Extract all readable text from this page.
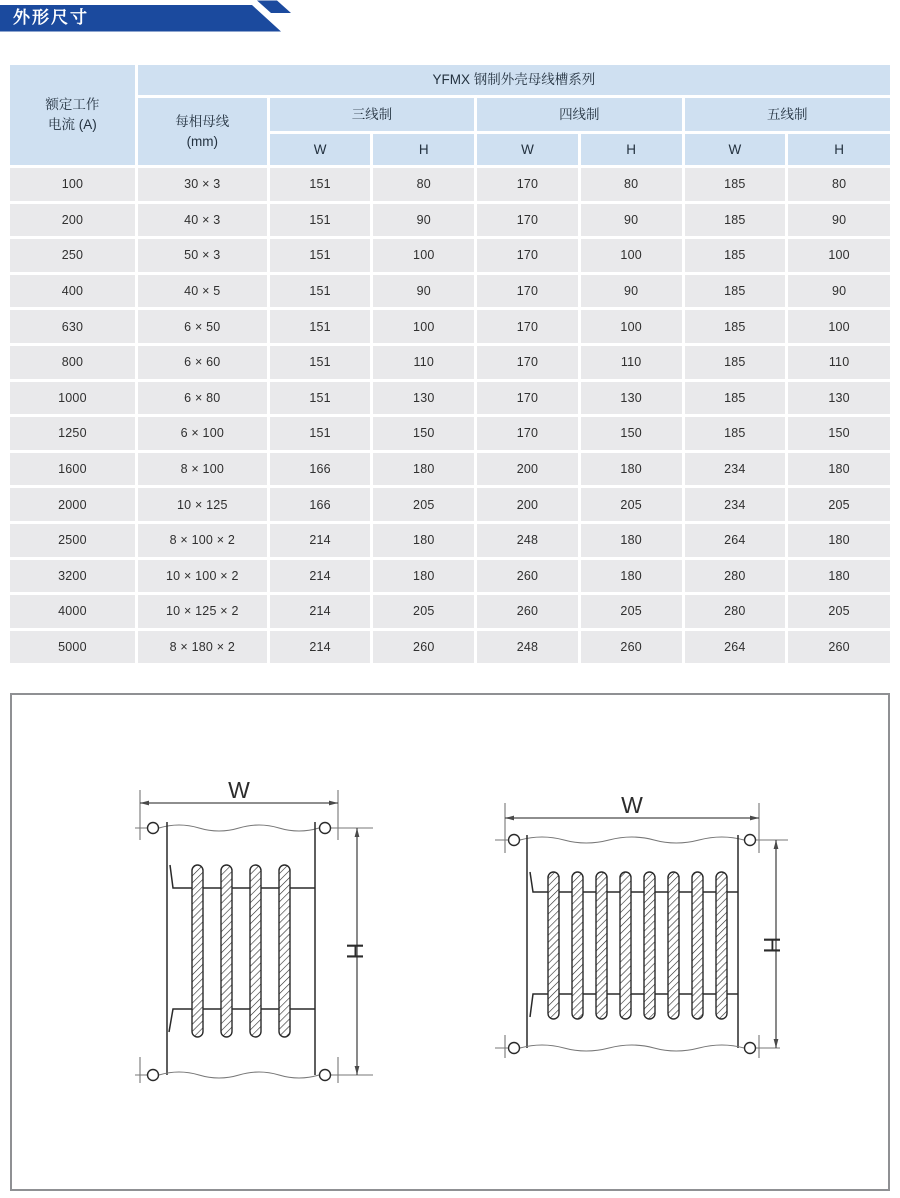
外形尺寸
额定工作
电流 (A)	YFMX 钢制外壳母线槽系列						

	每相母线
(mm)	三线制		四线制		五线制	
		W	H	W	H	W	H
100	30 × 3	151	80	170	80	185	80
200	40 × 3	151	90	170	90	185	90
250	50 × 3	151	100	170	100	185	100
400	40 × 5	151	90	170	90	185	90
630	6 × 50	151	100	170	100	185	100
800	6 × 60	151	110	170	110	185	110
1000	6 × 80	151	130	170	130	185	130
1250	6 × 100	151	150	170	150	185	150
1600	8 × 100	166	180	200	180	234	180
2000	10 × 125	166	205	200	205	234	205
2500	8 × 100 × 2	214	180	248	180	264	180
3200	10 × 100 × 2	214	180	260	180	280	180
4000	10 × 125 × 2	214	205	260	205	280	205
5000	8 × 180 × 2	214	260	248	260	264	260
W
H
W
H
